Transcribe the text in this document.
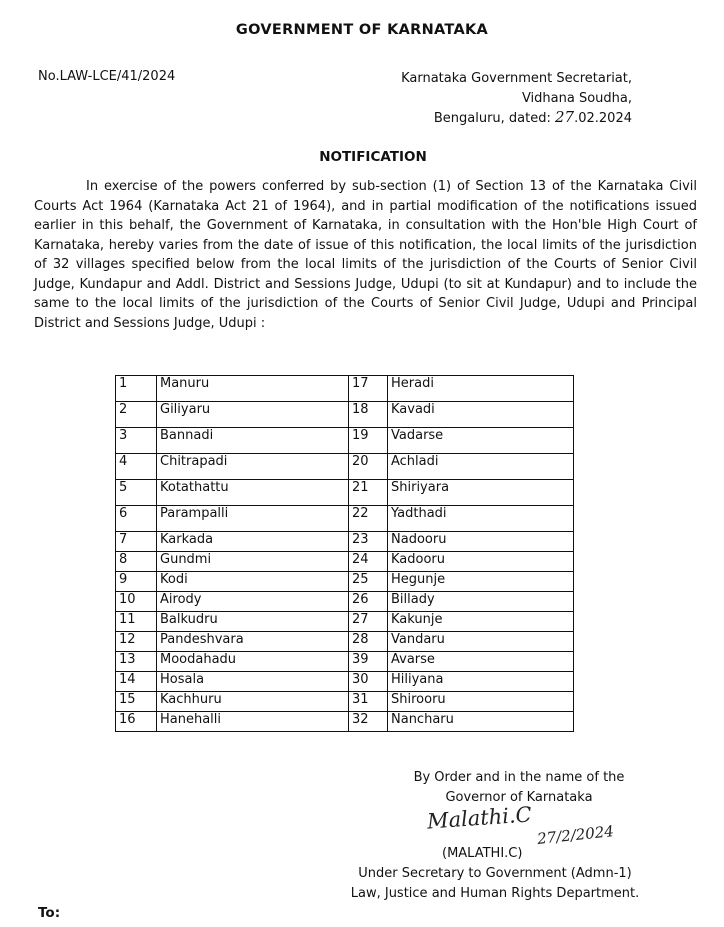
GOVERNMENT OF KARNATAKA
No.LAW-LCE/41/2024	Karnataka Government Secretariat,
Vidhana Soudha,
Bengaluru, dated: 27.02.2024
NOTIFICATION
In exercise of the powers conferred by sub-section (1) of Section 13 of the Karnataka Civil Courts Act 1964 (Karnataka Act 21 of 1964), and in partial modification of the notifications issued earlier in this behalf, the Government of Karnataka, in consultation with the Hon'ble High Court of Karnataka, hereby varies from the date of issue of this notification, the local limits of the jurisdiction of 32 villages specified below from the local limits of the jurisdiction of the Courts of Senior Civil Judge, Kundapur and Addl. District and Sessions Judge, Udupi (to sit at Kundapur) and to include the same to the local limits of the jurisdiction of the Courts of Senior Civil Judge, Udupi and Principal District and Sessions Judge, Udupi :
1	Manuru	17	Heradi
2	Giliyaru	18	Kavadi
3	Bannadi	19	Vadarse
4	Chitrapadi	20	Achladi
5	Kotathattu	21	Shiriyara
6	Parampalli	22	Yadthadi
7	Karkada	23	Nadooru
8	Gundmi	24	Kadooru
9	Kodi	25	Hegunje
10	Airody	26	Billady
11	Balkudru	27	Kakunje
12	Pandeshvara	28	Vandaru
13	Moodahadu	39	Avarse
14	Hosala	30	Hiliyana
15	Kachhuru	31	Shirooru
16	Hanehalli	32	Nancharu
By Order and in the name of the
Governor of Karnataka
Malathi.C
27/2/2024
(MALATHI.C)
Under Secretary to Government (Admn-1)
Law, Justice and Human Rights Department.
To:
